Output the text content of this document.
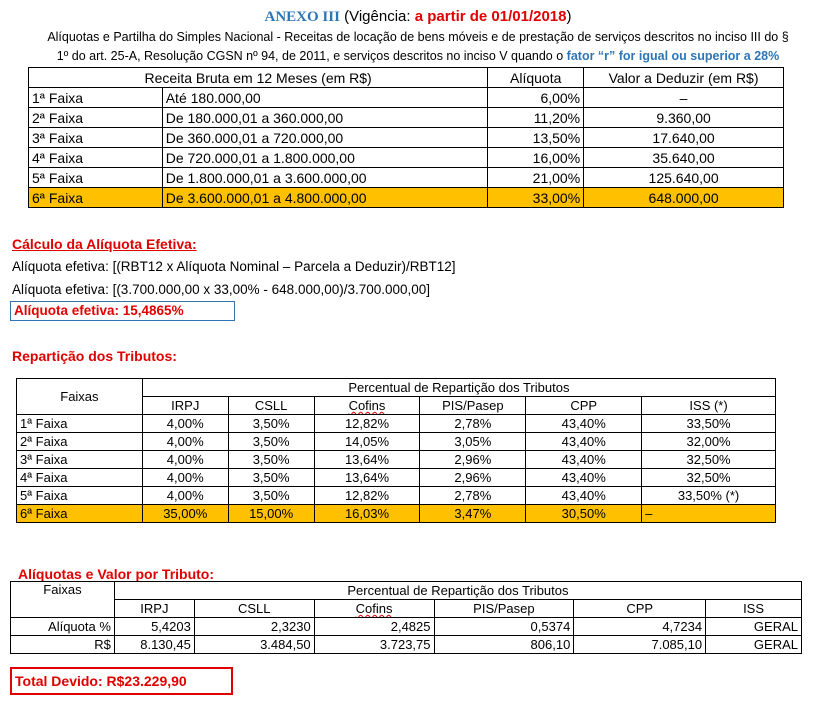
ANEXO III (Vigência: a partir de 01/01/2018)
Alíquotas e Partilha do Simples Nacional - Receitas de locação de bens móveis e de prestação de serviços descritos no inciso III do §
1º do art. 25-A, Resolução CGSN nº 94, de 2011, e serviços descritos no inciso V quando o fator “r” for igual ou superior a 28%
Receita Bruta em 12 Meses (em R$)		Alíquota	Valor a Deduzir (em R$)
1ª Faixa	Até 180.000,00	6,00%	–
2ª Faixa	De 180.000,01 a 360.000,00	11,20%	9.360,00
3ª Faixa	De 360.000,01 a 720.000,00	13,50%	17.640,00
4ª Faixa	De 720.000,01 a 1.800.000,00	16,00%	35.640,00
5ª Faixa	De 1.800.000,01 a 3.600.000,00	21,00%	125.640,00
6ª Faixa	De 3.600.000,01 a 4.800.000,00	33,00%	648.000,00
Cálculo da Alíquota Efetiva:
Alíquota efetiva: [(RBT12 x Alíquota Nominal – Parcela a Deduzir)/RBT12]
Alíquota efetiva: [(3.700.000,00 x 33,00% - 648.000,00)/3.700.000,00]
Alíquota efetiva: 15,4865%
Repartição dos Tributos:
Faixas	Percentual de Repartição dos Tributos					
	IRPJ	CSLL	Cofins	PIS/Pasep	CPP	ISS (*)
1ª Faixa	4,00%	3,50%	12,82%	2,78%	43,40%	33,50%
2ª Faixa	4,00%	3,50%	14,05%	3,05%	43,40%	32,00%
3ª Faixa	4,00%	3,50%	13,64%	2,96%	43,40%	32,50%
4ª Faixa	4,00%	3,50%	13,64%	2,96%	43,40%	32,50%
5ª Faixa	4,00%	3,50%	12,82%	2,78%	43,40%	33,50% (*)
6ª Faixa	35,00%	15,00%	16,03%	3,47%	30,50%	–
Alíquotas e Valor por Tributo:
Faixas	Percentual de Repartição dos Tributos					
	IRPJ	CSLL	Cofins	PIS/Pasep	CPP	ISS
Alíquota %	5,4203	2,3230	2,4825	0,5374	4,7234	GERAL
R$	8.130,45	3.484,50	3.723,75	806,10	7.085,10	GERAL
Total Devido: R$23.229,90
